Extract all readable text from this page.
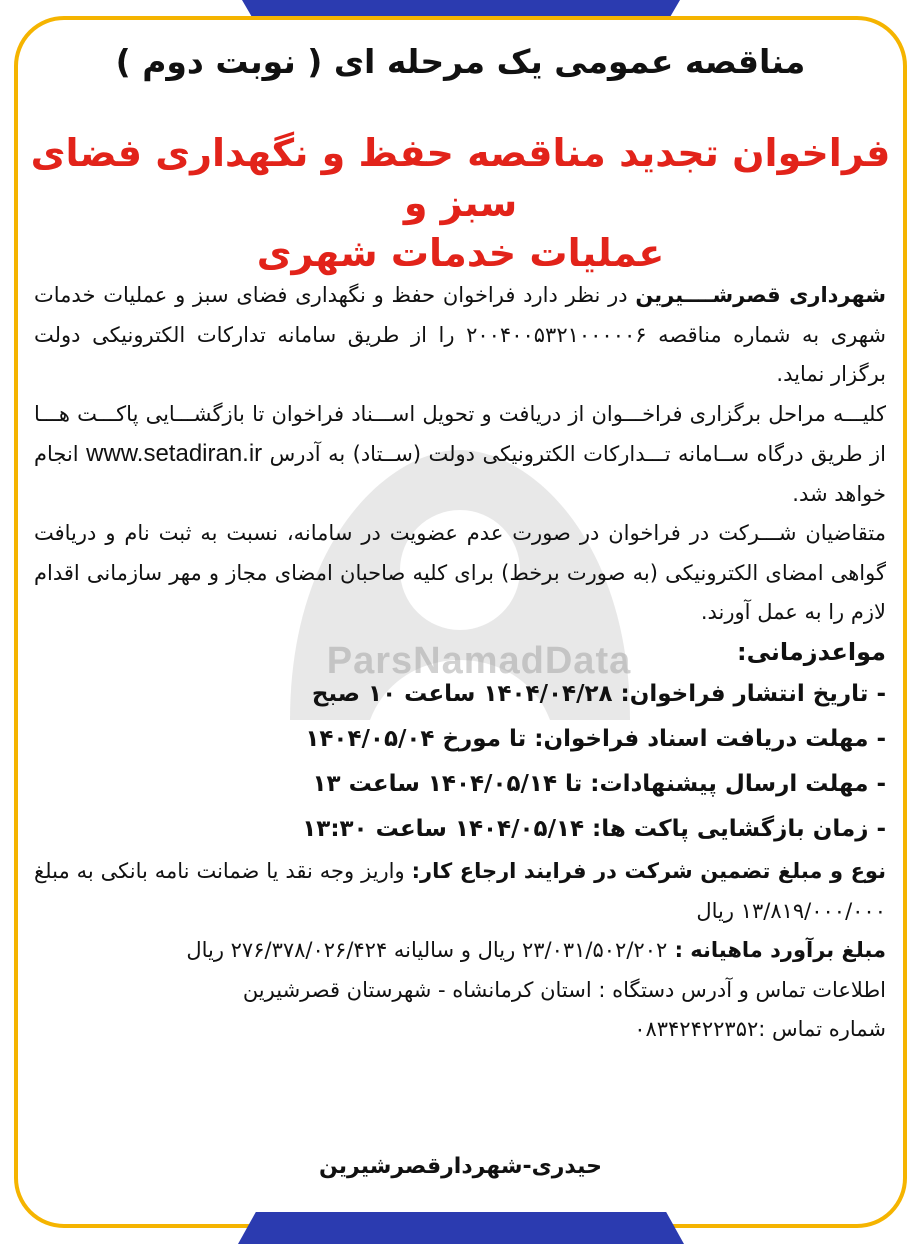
ParsNamadData
مناقصه عمومی یک مرحله ای ( نوبت دوم )
فراخوان تجدید مناقصه حفظ و نگهداری فضای سبز و
عملیات خدمات شهری

شهرداری قصرشــــیرین در نظر دارد فراخوان حفظ و نگهداری فضای سبز و عملیات خدمات شهری به شماره مناقصه ۲۰۰۴۰۰۵۳۲۱۰۰۰۰۰۶ را از طریق سامانه تدارکات الکترونیکی دولت برگزار نماید.

کلیـــه مراحل برگزاری فراخـــوان از دریافت و تحویل اســـناد فراخوان تا بازگشـــایی پاکـــت هـــا از طریق درگاه ســامانه تـــدارکات الکترونیکی دولت (ســتاد) به آدرس www.setadiran.ir انجام خواهد شد.

متقاضیان شـــرکت در فراخوان در صورت عدم عضویت در سامانه، نسبت به ثبت نام و دریافت گواهی امضای الکترونیکی (به صورت برخط) برای کلیه صاحبان امضای مجاز و مهر سازمانی اقدام لازم را به عمل آورند.

مواعدزمانی:

- تاریخ انتشار فراخوان: ۱۴۰۴/۰۴/۲۸ ساعت ۱۰ صبح

- مهلت دریافت اسناد فراخوان: تا مورخ ۱۴۰۴/۰۵/۰۴

- مهلت ارسال پیشنهادات: تا ۱۴۰۴/۰۵/۱۴ ساعت ۱۳

- زمان بازگشایی پاکت ها: ۱۴۰۴/۰۵/۱۴ ساعت ۱۳:۳۰

نوع و مبلغ تضمین شرکت در فرایند ارجاع کار: واریز وجه نقد یا ضمانت نامه بانکی به مبلغ ۱۳/۸۱۹/۰۰۰/۰۰۰ ریال

مبلغ برآورد ماهیانه : ۲۳/۰۳۱/۵۰۲/۲۰۲ ریال و سالیانه ۲۷۶/۳۷۸/۰۲۶/۴۲۴ ریال

اطلاعات تماس و آدرس دستگاه : استان کرمانشاه - شهرستان قصرشیرین

شماره تماس :۰۸۳۴۲۴۲۲۳۵۲

حیدری-شهردارقصرشیرین
